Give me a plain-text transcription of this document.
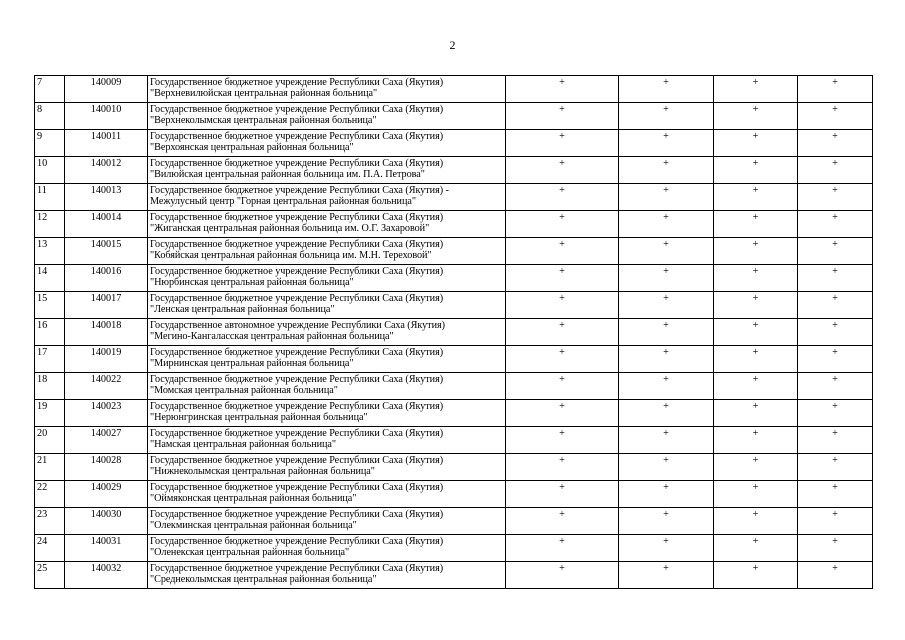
2
7	140009	Государственное бюджетное учреждение Республики Саха (Якутия)
"Верхневилюйская центральная районная больница"	+	+	+	+
8	140010	Государственное бюджетное учреждение Республики Саха (Якутия)
"Верхнеколымская центральная районная больница"	+	+	+	+
9	140011	Государственное бюджетное учреждение Республики Саха (Якутия)
"Верхоянская центральная районная больница"	+	+	+	+
10	140012	Государственное бюджетное учреждение Республики Саха (Якутия)
"Вилюйская центральная районная больница им. П.А. Петрова"	+	+	+	+
11	140013	Государственное бюджетное учреждение Республики Саха (Якутия) -
Межулусный центр "Горная центральная районная больница"	+	+	+	+
12	140014	Государственное бюджетное учреждение Республики Саха (Якутия)
"Жиганская центральная районная больница им. О.Г. Захаровой"	+	+	+	+
13	140015	Государственное бюджетное учреждение Республики Саха (Якутия)
"Кобяйская центральная районная больница им. М.Н. Тереховой"	+	+	+	+
14	140016	Государственное бюджетное учреждение Республики Саха (Якутия)
"Нюрбинская центральная районная больница"	+	+	+	+
15	140017	Государственное бюджетное учреждение Республики Саха (Якутия)
"Ленская центральная районная больница"	+	+	+	+
16	140018	Государственное автономное учреждение Республики Саха (Якутия)
"Мегино-Кангаласская центральная районная больница"	+	+	+	+
17	140019	Государственное бюджетное учреждение Республики Саха (Якутия)
"Мирнинская центральная районная больница"	+	+	+	+
18	140022	Государственное бюджетное учреждение Республики Саха (Якутия)
"Момская центральная районная больница"	+	+	+	+
19	140023	Государственное бюджетное учреждение Республики Саха (Якутия)
"Нерюнгринская центральная районная больница"	+	+	+	+
20	140027	Государственное бюджетное учреждение Республики Саха (Якутия)
"Намская центральная районная больница"	+	+	+	+
21	140028	Государственное бюджетное учреждение Республики Саха (Якутия)
"Нижнеколымская центральная районная больница"	+	+	+	+
22	140029	Государственное бюджетное учреждение Республики Саха (Якутия)
"Оймяконская центральная районная больница"	+	+	+	+
23	140030	Государственное бюджетное учреждение Республики Саха (Якутия)
"Олекминская центральная районная больница"	+	+	+	+
24	140031	Государственное бюджетное учреждение Республики Саха (Якутия)
"Оленекская центральная районная больница"	+	+	+	+
25	140032	Государственное бюджетное учреждение Республики Саха (Якутия)
"Среднеколымская центральная районная больница"	+	+	+	+
